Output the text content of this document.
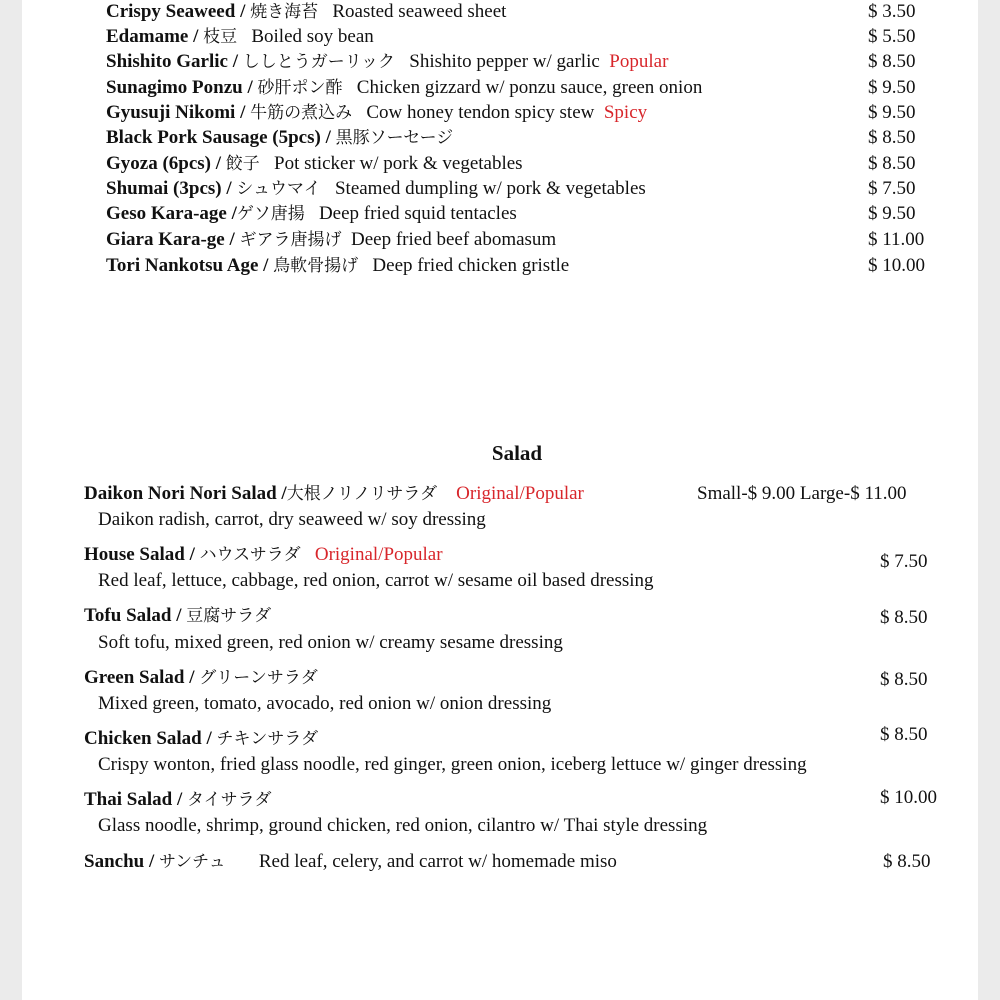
Crispy Seaweed / 焼き海苔 Roasted seaweed sheet	$ 3.50
Edamame / 枝豆 Boiled soy bean	$ 5.50
Shishito Garlic / ししとうガーリック Shishito pepper w/ garlic Popular	$ 8.50
Sunagimo Ponzu / 砂肝ポン酢 Chicken gizzard w/ ponzu sauce, green onion	$ 9.50
Gyusuji Nikomi / 牛筋の煮込み Cow honey tendon spicy stew Spicy	$ 9.50
Black Pork Sausage (5pcs) / 黒豚ソーセージ	$ 8.50
Gyoza (6pcs) / 餃子 Pot sticker w/ pork & vegetables	$ 8.50
Shumai (3pcs) / シュウマイ Steamed dumpling w/ pork & vegetables	$ 7.50
Geso Kara-age /ゲソ唐揚 Deep fried squid tentacles	$ 9.50
Giara Kara-ge / ギアラ唐揚げ Deep fried beef abomasum	$ 11.00
Tori Nankotsu Age / 鳥軟骨揚げ Deep fried chicken gristle	$ 10.00
Salad
Daikon Nori Nori Salad /大根ノリノリサラダ Original/Popular	Small-$ 9.00 Large-$ 11.00
Daikon radish, carrot, dry seaweed w/ soy dressing
House Salad / ハウスサラダ Original/Popular	$ 7.50
Red leaf, lettuce, cabbage, red onion, carrot w/ sesame oil based dressing
Tofu Salad / 豆腐サラダ	$ 8.50
Soft tofu, mixed green, red onion w/ creamy sesame dressing
Green Salad / グリーンサラダ	$ 8.50
Mixed green, tomato, avocado, red onion w/ onion dressing
Chicken Salad / チキンサラダ	$ 8.50
Crispy wonton, fried glass noodle, red ginger, green onion, iceberg lettuce w/ ginger dressing
Thai Salad / タイサラダ	$ 10.00
Glass noodle, shrimp, ground chicken, red onion, cilantro w/ Thai style dressing
Sanchu / サンチュ Red leaf, celery, and carrot w/ homemade miso	$ 8.50
